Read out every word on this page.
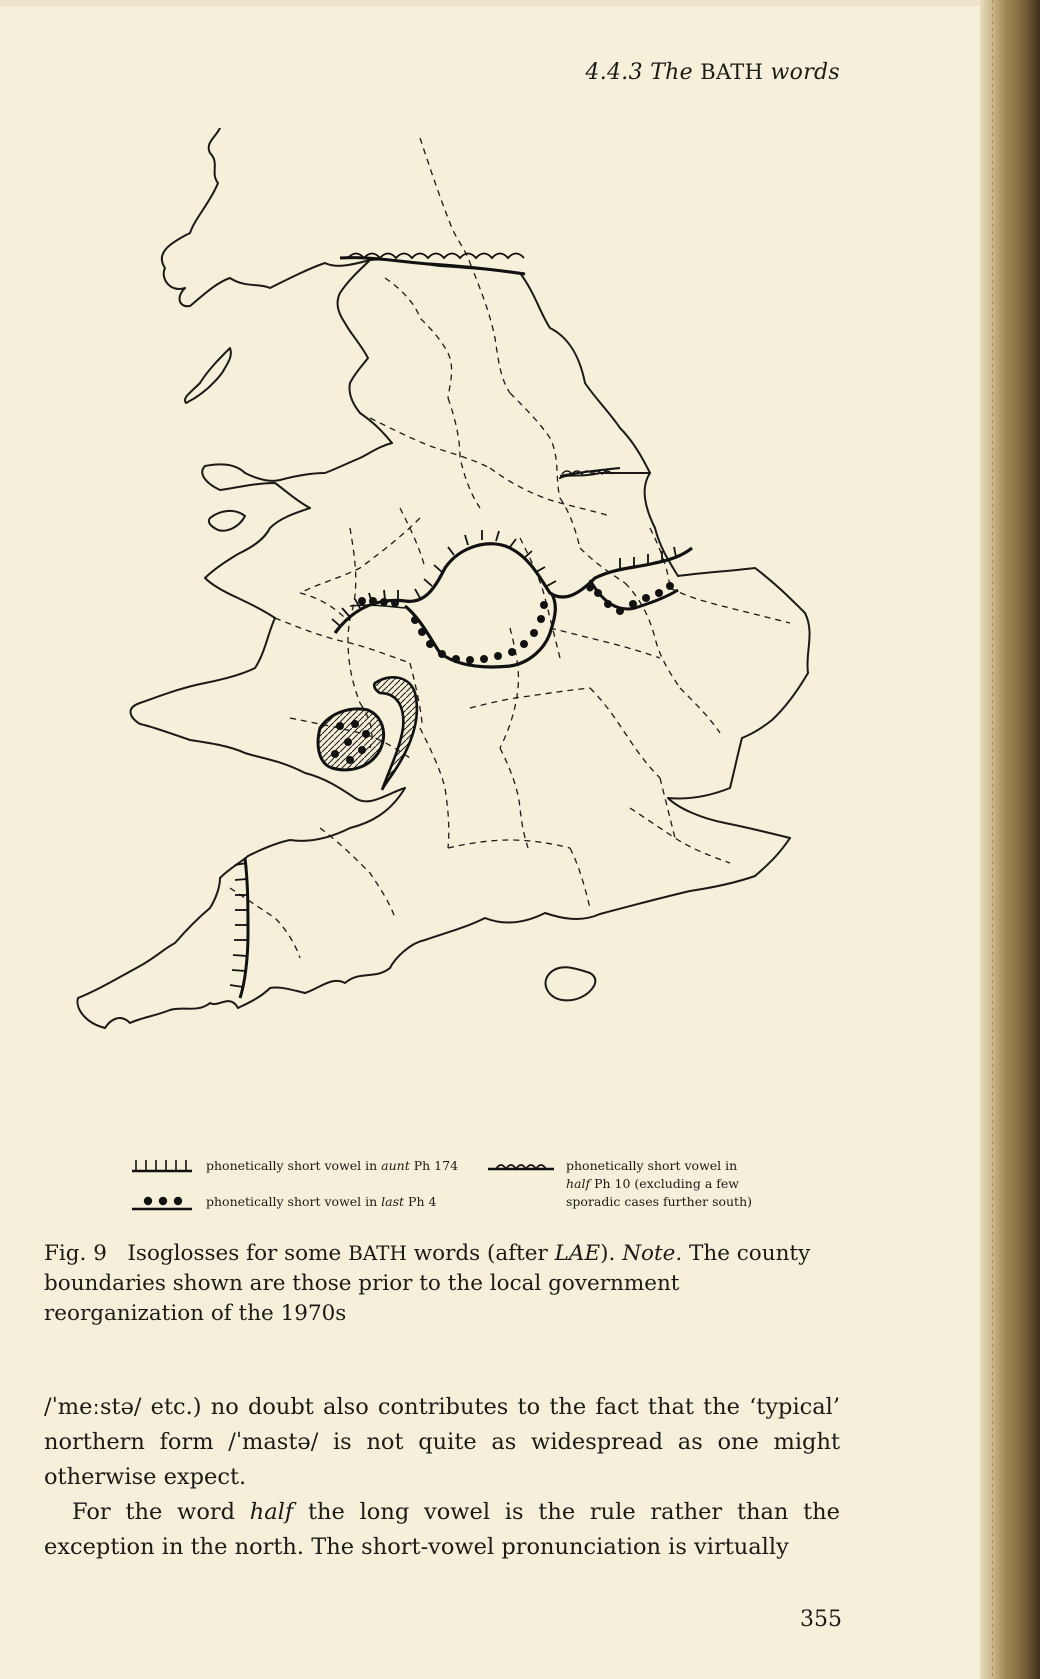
4.4.3 The BATH words
phonetically short vowel in aunt Ph 174
phonetically short vowel in last Ph 4
phonetically short vowel in
half Ph 10 (excluding a few
sporadic cases further south)
Fig. 9 Isoglosses for some BATH words (after LAE). Note. The county boundaries shown are those prior to the local government reorganization of the 1970s

/ˈmeːstə/ etc.) no doubt also contributes to the fact that the ‘typical’ northern form /ˈmastə/ is not quite as widespread as one might otherwise expect.

For the word half the long vowel is the rule rather than the exception in the north. The short-vowel pronunciation is virtually

355
